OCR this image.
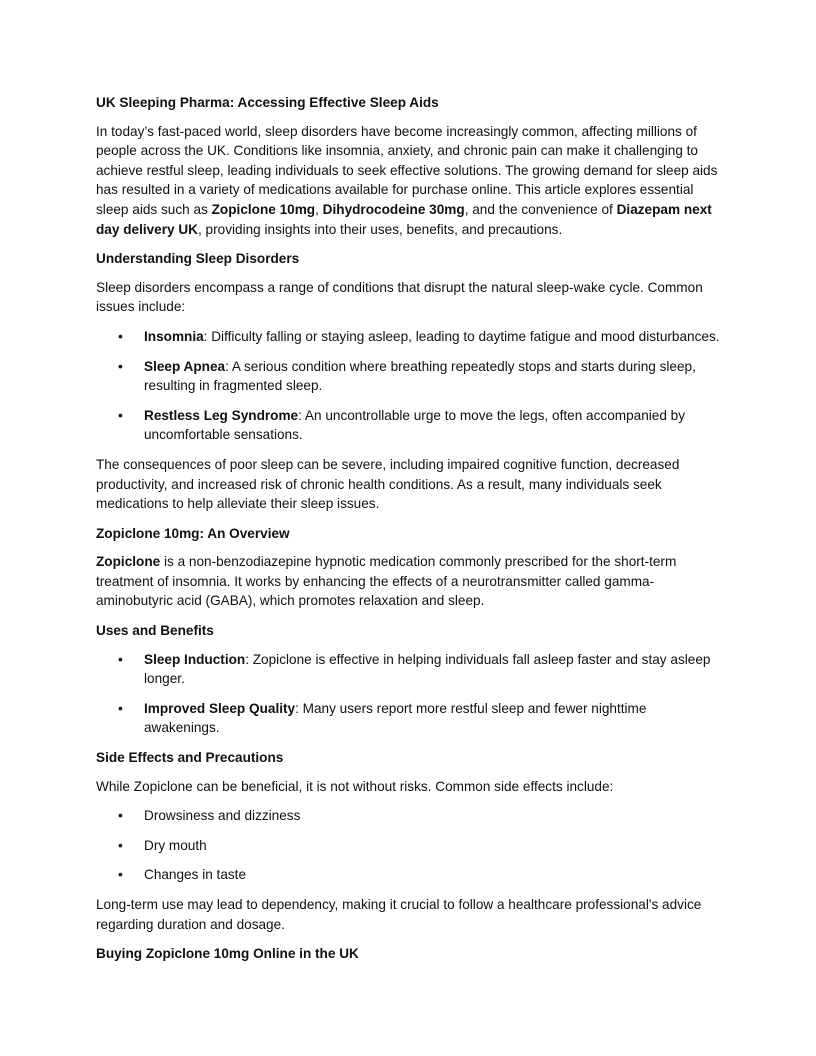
UK Sleeping Pharma: Accessing Effective Sleep Aids

In today’s fast-paced world, sleep disorders have become increasingly common, affecting millions of people across the UK. Conditions like insomnia, anxiety, and chronic pain can make it challenging to achieve restful sleep, leading individuals to seek effective solutions. The growing demand for sleep aids has resulted in a variety of medications available for purchase online. This article explores essential sleep aids such as Zopiclone 10mg, Dihydrocodeine 30mg, and the convenience of Diazepam next day delivery UK, providing insights into their uses, benefits, and precautions.

Understanding Sleep Disorders

Sleep disorders encompass a range of conditions that disrupt the natural sleep-wake cycle. Common issues include:

• Insomnia: Difficulty falling or staying asleep, leading to daytime fatigue and mood disturbances.
• Sleep Apnea: A serious condition where breathing repeatedly stops and starts during sleep, resulting in fragmented sleep.
• Restless Leg Syndrome: An uncontrollable urge to move the legs, often accompanied by uncomfortable sensations.

The consequences of poor sleep can be severe, including impaired cognitive function, decreased productivity, and increased risk of chronic health conditions. As a result, many individuals seek medications to help alleviate their sleep issues.

Zopiclone 10mg: An Overview

Zopiclone is a non-benzodiazepine hypnotic medication commonly prescribed for the short-term treatment of insomnia. It works by enhancing the effects of a neurotransmitter called gamma-aminobutyric acid (GABA), which promotes relaxation and sleep.

Uses and Benefits
• Sleep Induction: Zopiclone is effective in helping individuals fall asleep faster and stay asleep longer.
• Improved Sleep Quality: Many users report more restful sleep and fewer nighttime awakenings.
Side Effects and Precautions

While Zopiclone can be beneficial, it is not without risks. Common side effects include:

• Drowsiness and dizziness
• Dry mouth
• Changes in taste

Long-term use may lead to dependency, making it crucial to follow a healthcare professional's advice regarding duration and dosage.

Buying Zopiclone 10mg Online in the UK
